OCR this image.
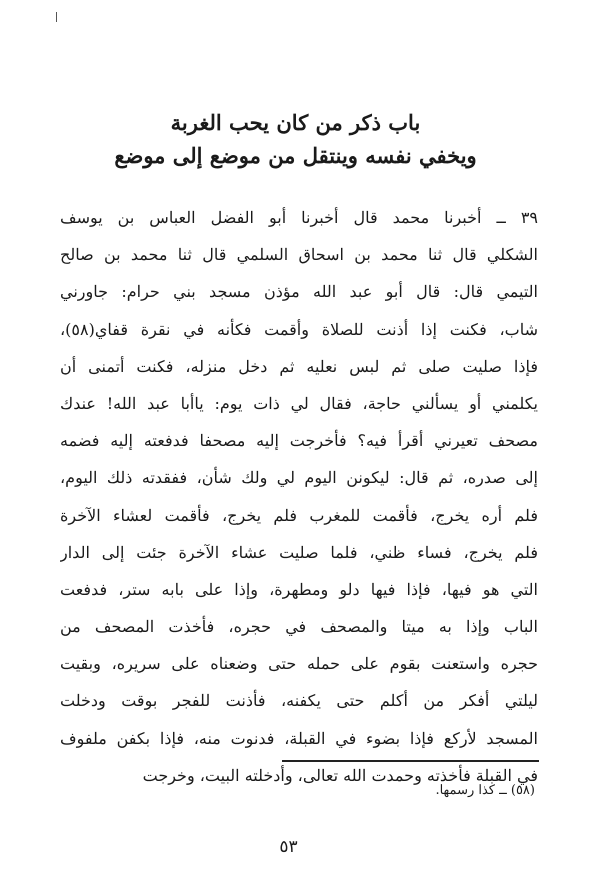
باب ذكر من كان يحب الغربة
ويخفي نفسه وينتقل من موضع إلى موضع
٣٩ ــ أخبرنا محمد قال أخبرنا أبو الفضل العباس بن يوسف
الشكلي قال ثنا محمد بن اسحاق السلمي قال ثنا محمد بن صالح
التيمي قال: قال أبو عبد الله مؤذن مسجد بني حرام: جاورني
شاب، فكنت إذا أذنت للصلاة وأقمت فكأنه في نقرة قفاي(٥٨)،
فإذا صليت صلى ثم لبس نعليه ثم دخل منزله، فكنت أتمنى أن
يكلمني أو يسألني حاجة، فقال لي ذات يوم: ياأبا عبد الله! عندك
مصحف تعيرني أقرأ فيه؟ فأخرجت إليه مصحفا فدفعته إليه فضمه
إلى صدره، ثم قال: ليكونن اليوم لي ولك شأن، ففقدته ذلك اليوم،
فلم أره يخرج، فأقمت للمغرب فلم يخرج، فأقمت لعشاء الآخرة
فلم يخرج، فساء ظني، فلما صليت عشاء الآخرة جئت إلى الدار
التي هو فيها، فإذا فيها دلو ومطهرة، وإذا على بابه ستر، فدفعت
الباب وإذا به ميتا والمصحف في حجره، فأخذت المصحف من
حجره واستعنت بقوم على حمله حتى وضعناه على سريره، وبقيت
ليلتي أفكر من أكلم حتى يكفنه، فأذنت للفجر بوقت ودخلت
المسجد لأركع فإذا بضوء في القبلة، فدنوت منه، فإذا بكفن ملفوف
في القبلة فأخذته وحمدت الله تعالى، وأدخلته البيت، وخرجت
(٥٨) ــ كذا رسمها.
٥٣
